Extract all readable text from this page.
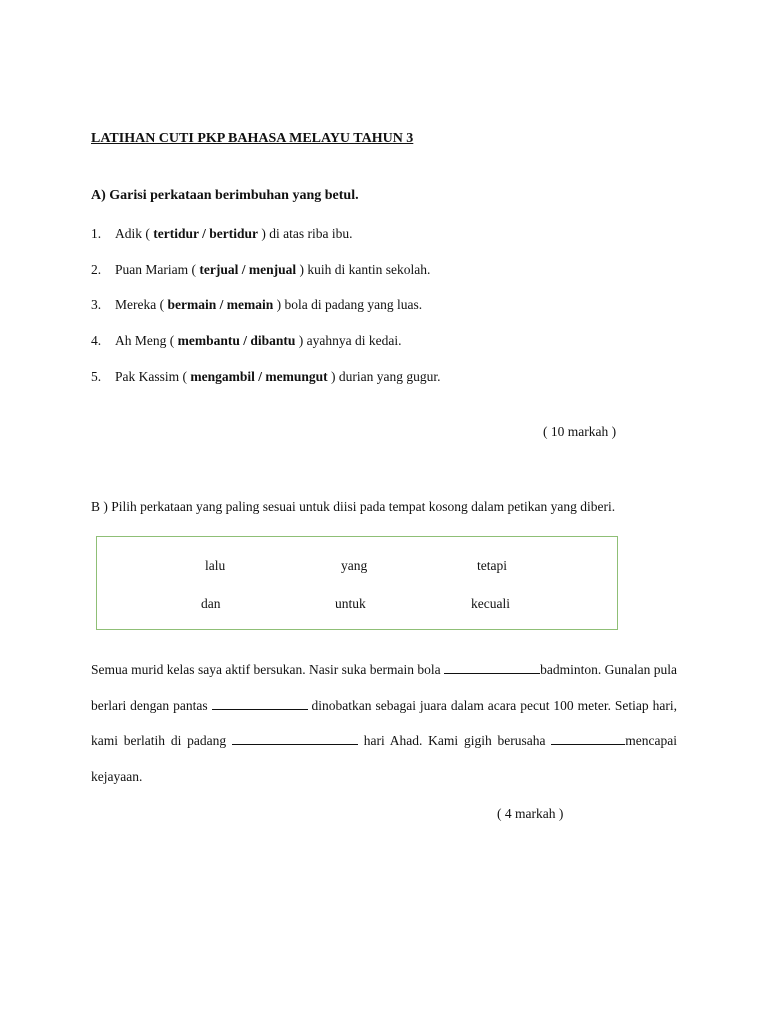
LATIHAN CUTI PKP BAHASA MELAYU TAHUN 3
A) Garisi perkataan berimbuhan yang betul.
1. Adik ( tertidur / bertidur ) di atas riba ibu.
2. Puan Mariam ( terjual / menjual ) kuih di kantin sekolah.
3. Mereka ( bermain / memain ) bola di padang yang luas.
4. Ah Meng ( membantu / dibantu ) ayahnya di kedai.
5. Pak Kassim ( mengambil / memungut ) durian yang gugur.
( 10 markah )
B ) Pilih perkataan yang paling sesuai untuk diisi pada tempat kosong dalam petikan yang diberi.
lalu	yang	tetapi
dan	untuk	kecuali
Semua murid kelas saya aktif bersukan. Nasir suka bermain bola	badminton. Gunalan pula berlari dengan pantas	dinobatkan sebagai juara dalam acara pecut 100 meter. Setiap hari, kami berlatih di padang	hari Ahad. Kami gigih berusaha	mencapai kejayaan.
( 4 markah )
